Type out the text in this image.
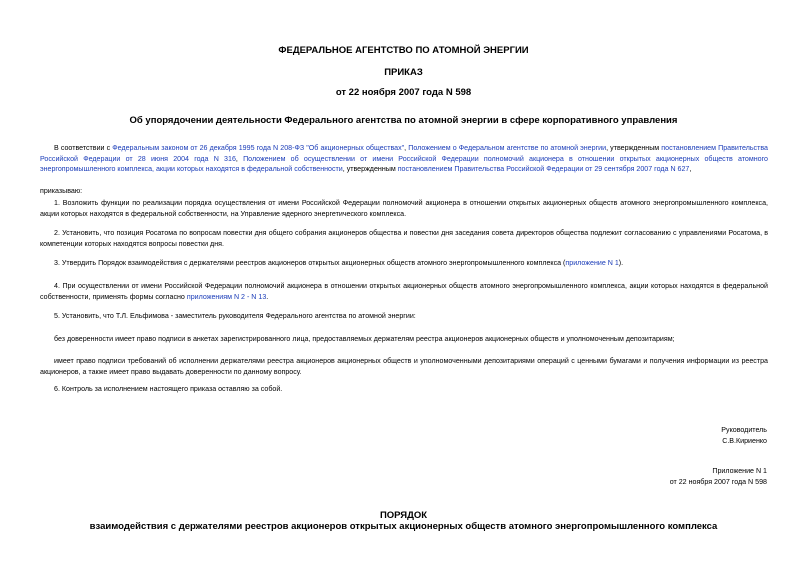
ФЕДЕРАЛЬНОЕ АГЕНТСТВО ПО АТОМНОЙ ЭНЕРГИИ
ПРИКАЗ
от 22 ноября 2007 года N 598
Об упорядочении деятельности Федерального агентства по атомной энергии в сфере корпоративного управления

В соответствии с Федеральным законом от 26 декабря 1995 года N 208-ФЗ "Об акционерных обществах", Положением о Федеральном агентстве по атомной энергии, утвержденным постановлением Правительства Российской Федерации от 28 июня 2004 года N 316, Положением об осуществлении от имени Российской Федерации полномочий акционера в отношении открытых акционерных обществ атомного энергопромышленного комплекса, акции которых находятся в федеральной собственности, утвержденным постановлением Правительства Российской Федерации от 29 сентября 2007 года N 627,

приказываю:

1. Возложить функции по реализации порядка осуществления от имени Российской Федерации полномочий акционера в отношении открытых акционерных обществ атомного энергопромышленного комплекса, акции которых находятся в федеральной собственности, на Управление ядерного энергетического комплекса.

2. Установить, что позиция Росатома по вопросам повестки дня общего собрания акционеров общества и повестки дня заседания совета директоров общества подлежит согласованию с управлениями Росатома, в компетенции которых находятся вопросы повестки дня.

3. Утвердить Порядок взаимодействия с держателями реестров акционеров открытых акционерных обществ атомного энергопромышленного комплекса (приложение N 1).

4. При осуществлении от имени Российской Федерации полномочий акционера в отношении открытых акционерных обществ атомного энергопромышленного комплекса, акции которых находятся в федеральной собственности, применять формы согласно приложениям N 2 - N 13.

5. Установить, что Т.Л. Ельфимова - заместитель руководителя Федерального агентства по атомной энергии:

без доверенности имеет право подписи в анкетах зарегистрированного лица, предоставляемых держателям реестра акционеров акционерных обществ и уполномоченным депозитариям;

имеет право подписи требований об исполнении держателями реестра акционеров акционерных обществ и уполномоченными депозитариями операций с ценными бумагами и получения информации из реестра акционеров, а также имеет право выдавать доверенности по данному вопросу.

6. Контроль за исполнением настоящего приказа оставляю за собой.

Руководитель
С.В.Кириенко
Приложение N 1
от 22 ноября 2007 года N 598
ПОРЯДОК
взаимодействия с держателями реестров акционеров открытых акционерных обществ атомного энергопромышленного комплекса
